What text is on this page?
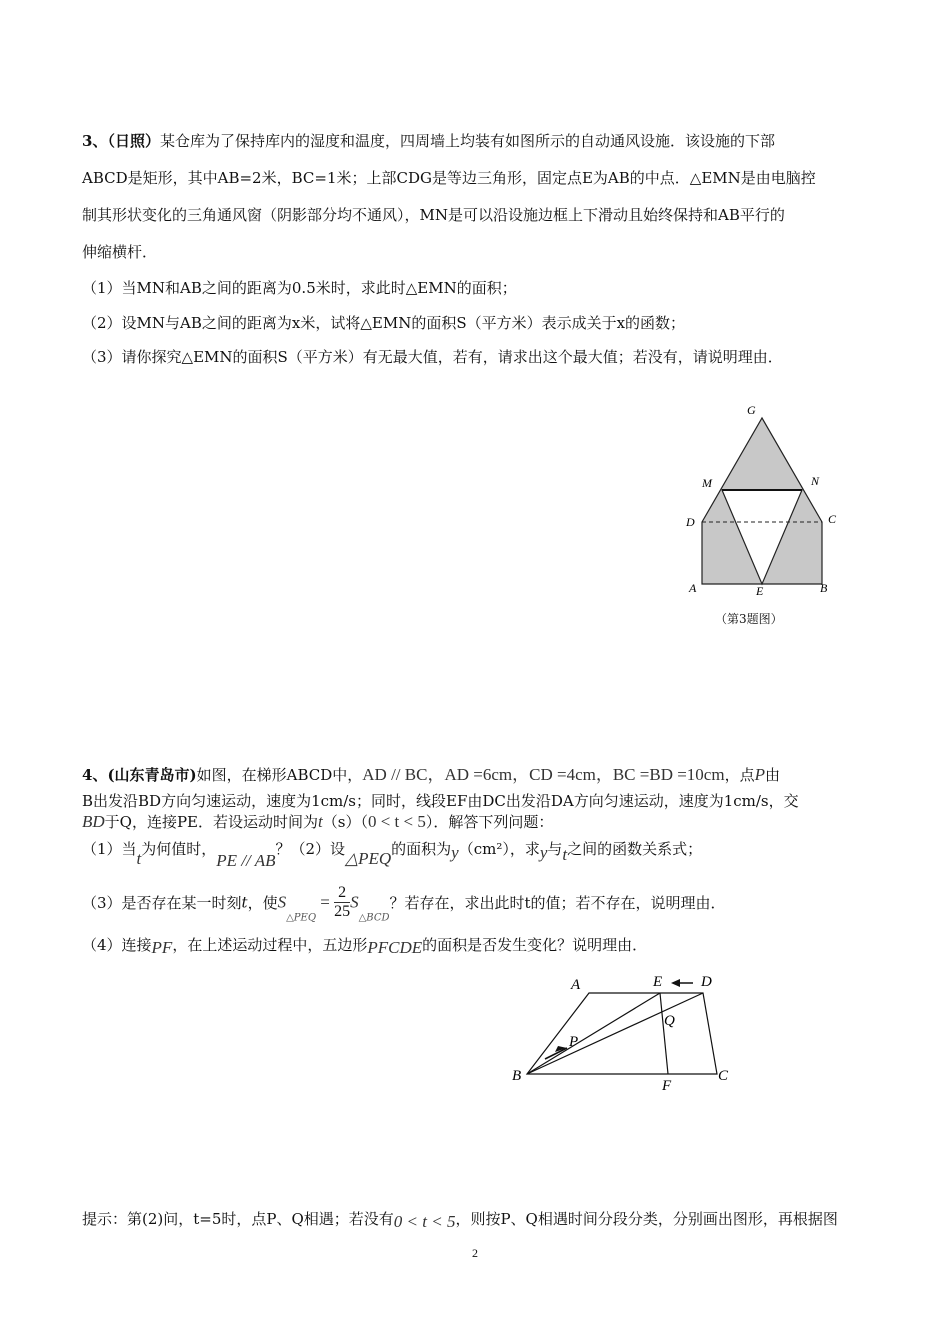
3、（日照）某仓库为了保持库内的湿度和温度，四周墙上均装有如图所示的自动通风设施．该设施的下部
ABCD是矩形，其中AB=2米，BC=1米；上部CDG是等边三角形，固定点E为AB的中点．△EMN是由电脑控
制其形状变化的三角通风窗（阴影部分均不通风），MN是可以沿设施边框上下滑动且始终保持和AB平行的
伸缩横杆．
（1）当MN和AB之间的距离为0.5米时，求此时△EMN的面积；
（2）设MN与AB之间的距离为x米，试将△EMN的面积S（平方米）表示成关于x的函数；
（3）请你探究△EMN的面积S（平方米）有无最大值，若有，请求出这个最大值；若没有，请说明理由．
G
M	N
D	C
A	E	B
（第3题图）
4、(山东青岛市)如图，在梯形ABCD中，AD // BC，AD =6cm，CD =4cm，BC =BD =10cm，点P由
B出发沿BD方向匀速运动，速度为1cm/s；同时，线段EF由DC出发沿DA方向匀速运动，速度为1cm/s，交
BD于Q，连接PE．若设运动时间为t（s）（0 < t < 5）．解答下列问题：
（1）当t为何值时，PE // AB？（2）设△PEQ的面积为y（cm²），求y与t之间的函数关系式；
（3）是否存在某一时刻t，使$S_{\triangle PEQ} = \frac{2}{25} S_{\triangle BCD}$？若存在，求出此时t的值；若不存在，说明理由．
（4）连接PF，在上述运动过程中，五边形PFCDE的面积是否发生变化？说明理由．
A	E	D
Q
P
B
F
C
提示：第(2)问，t=5时，点P、Q相遇；若没有0 < t < 5，则按P、Q相遇时间分段分类，分别画出图形，再根据图
2
